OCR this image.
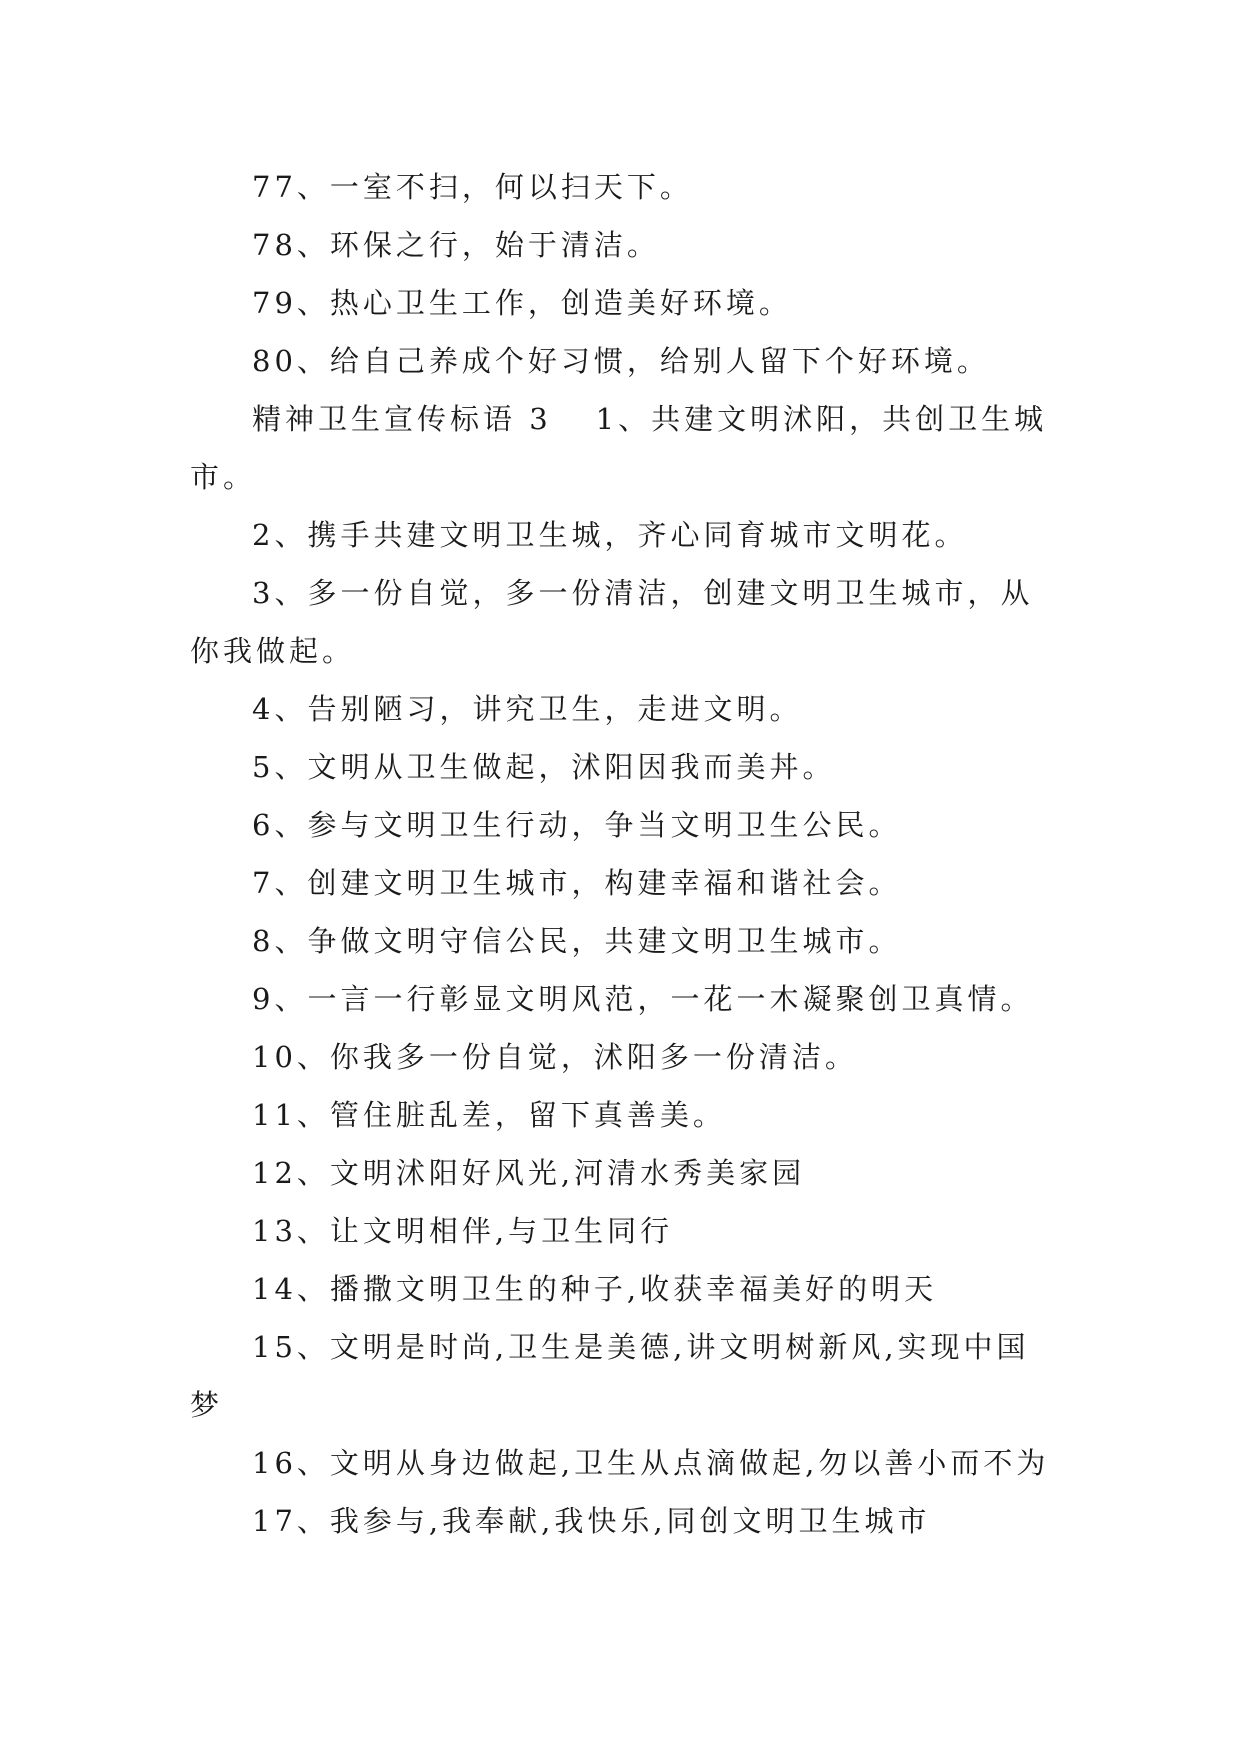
77、一室不扫，何以扫天下。

78、环保之行，始于清洁。

79、热心卫生工作，创造美好环境。

80、给自己养成个好习惯，给别人留下个好环境。

精神卫生宣传标语 3 1、共建文明沭阳，共创卫生城市。

2、携手共建文明卫生城，齐心同育城市文明花。

3、多一份自觉，多一份清洁，创建文明卫生城市，从你我做起。

4、告别陋习，讲究卫生，走进文明。

5、文明从卫生做起，沭阳因我而美丼。

6、参与文明卫生行动，争当文明卫生公民。

7、创建文明卫生城市，构建幸福和谐社会。

8、争做文明守信公民，共建文明卫生城市。

9、一言一行彰显文明风范，一花一木凝聚创卫真情。

10、你我多一份自觉，沭阳多一份清洁。

11、管住脏乱差，留下真善美。

12、文明沭阳好风光,河清水秀美家园

13、让文明相伴,与卫生同行

14、播撒文明卫生的种子,收获幸福美好的明天

15、文明是时尚,卫生是美德,讲文明树新风,实现中国梦

16、文明从身边做起,卫生从点滴做起,勿以善小而不为

17、我参与,我奉献,我快乐,同创文明卫生城市
